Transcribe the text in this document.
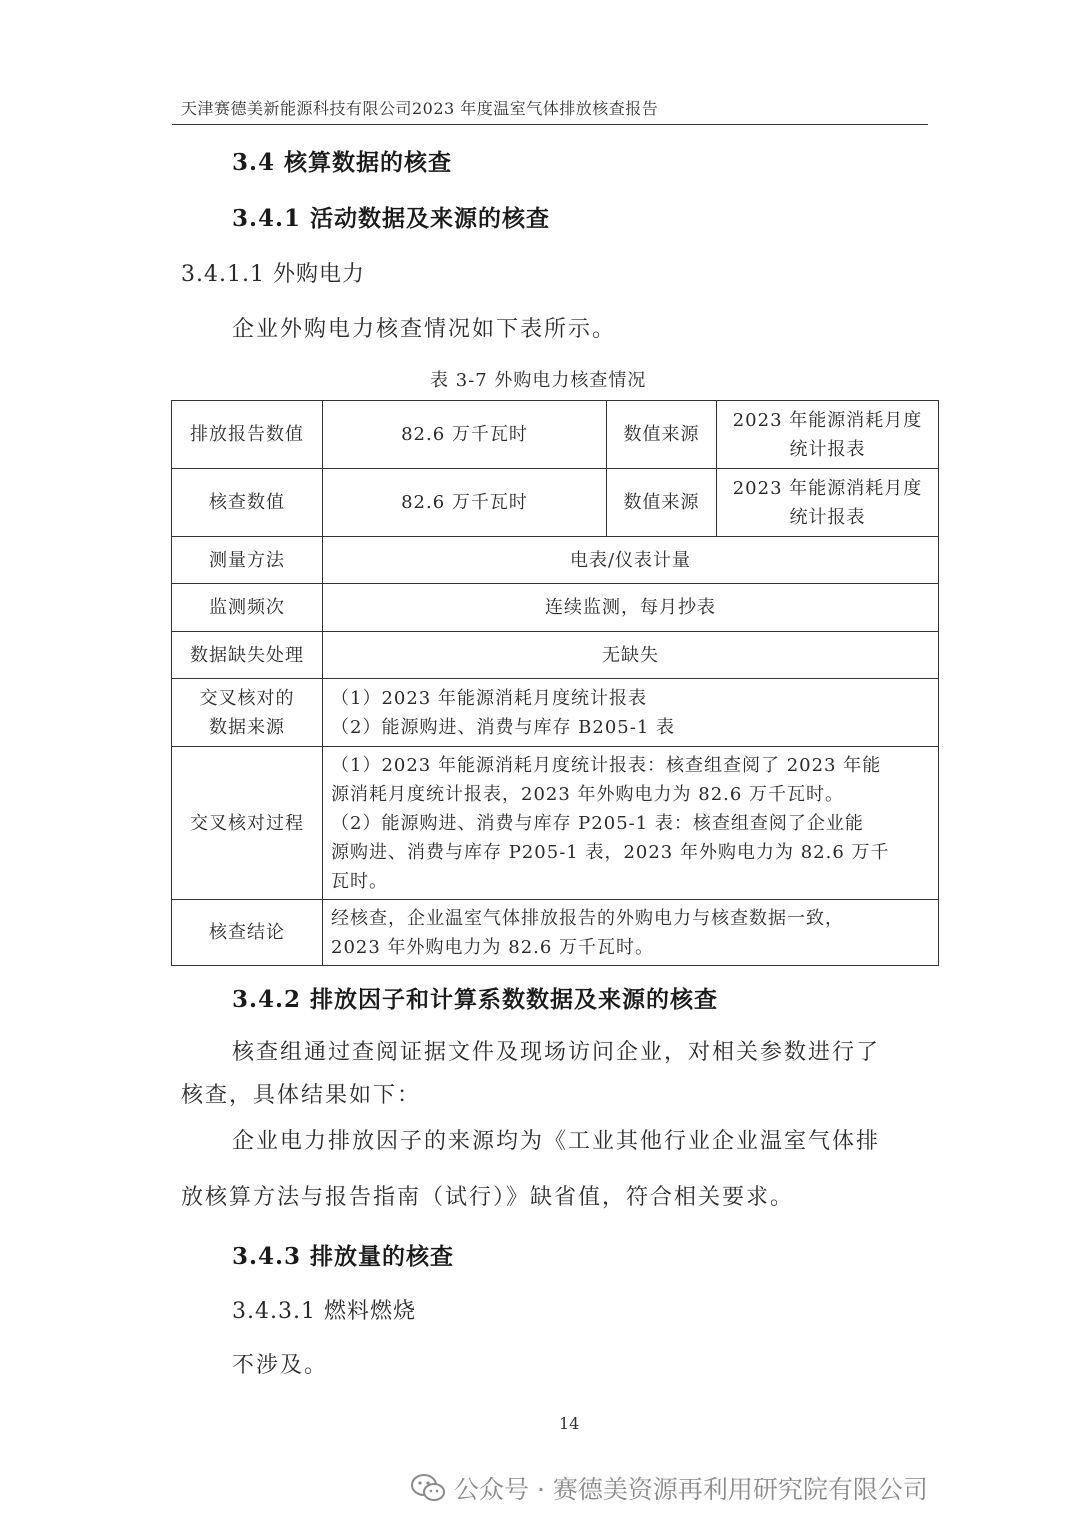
天津赛德美新能源科技有限公司2023 年度温室气体排放核查报告
3.4 核算数据的核查
3.4.1 活动数据及来源的核查
3.4.1.1 外购电力
企业外购电力核查情况如下表所示。
表 3-7 外购电力核查情况
排放报告数值	82.6 万千瓦时	数值来源	2023 年能源消耗月度
统计报表

核查数值	82.6 万千瓦时	数值来源	2023 年能源消耗月度
统计报表

测量方法	电表/仪表计量		
监测频次	连续监测，每月抄表		
数据缺失处理	无缺失		

交叉核对的
数据来源	（1）2023 年能源消耗月度统计报表
（2）能源购进、消费与库存 B205-1 表		

交叉核对过程	（1）2023 年能源消耗月度统计报表：核查组查阅了 2023 年能
源消耗月度统计报表，2023 年外购电力为 82.6 万千瓦时。
（2）能源购进、消费与库存 P205-1 表：核查组查阅了企业能
源购进、消费与库存 P205-1 表，2023 年外购电力为 82.6 万千
瓦时。		

核查结论	经核查，企业温室气体排放报告的外购电力与核查数据一致，
2023 年外购电力为 82.6 万千瓦时。		
3.4.2 排放因子和计算系数数据及来源的核查
核查组通过查阅证据文件及现场访问企业，对相关参数进行了
核查，具体结果如下：
企业电力排放因子的来源均为《工业其他行业企业温室气体排
放核算方法与报告指南（试行）》缺省值，符合相关要求。
3.4.3 排放量的核查
3.4.3.1 燃料燃烧
不涉及。
14
公众号 · 赛德美资源再利用研究院有限公司
